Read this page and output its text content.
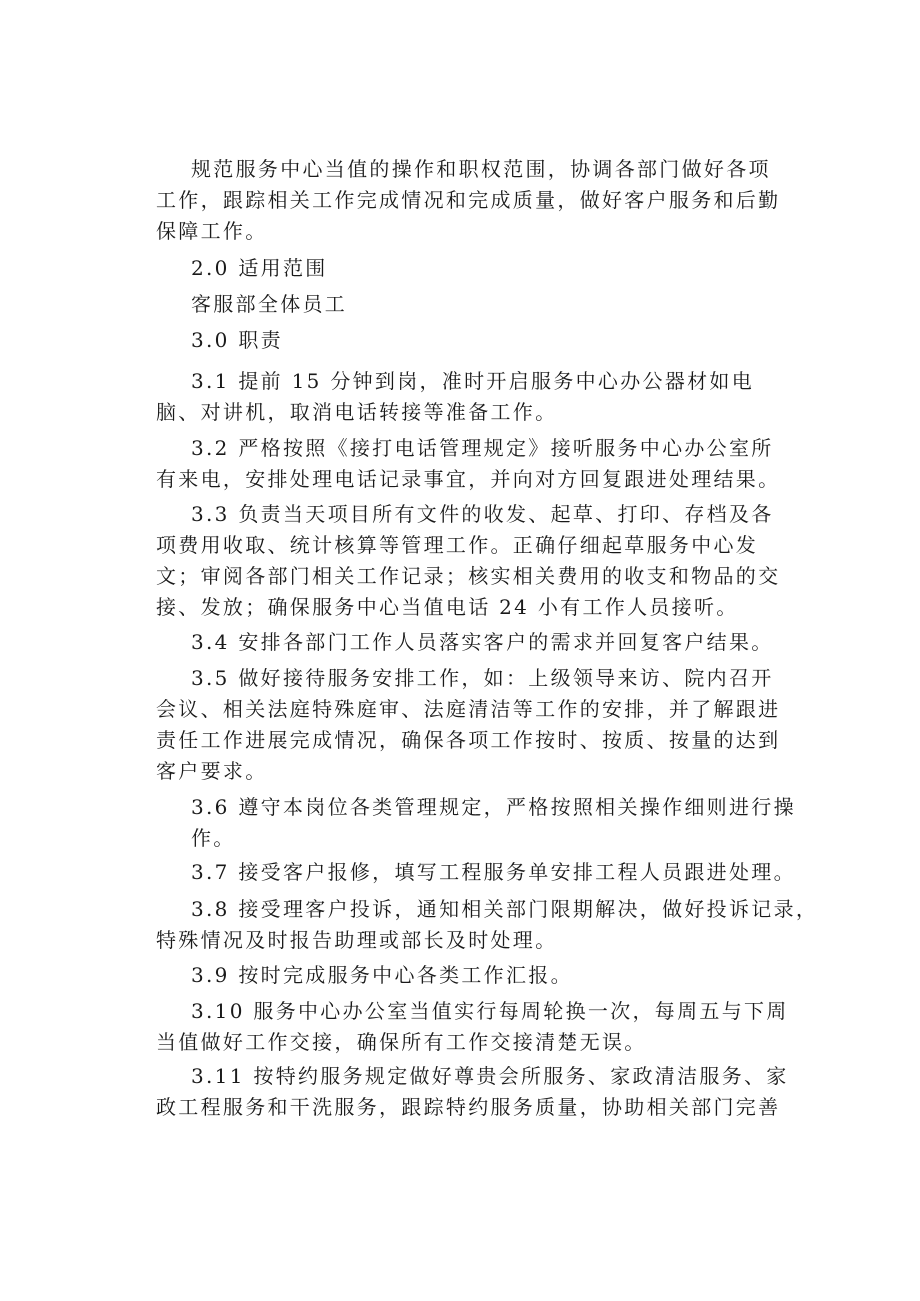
规范服务中心当值的操作和职权范围，协调各部门做好各项
工作，跟踪相关工作完成情况和完成质量，做好客户服务和后勤
保障工作。
2.0 适用范围
客服部全体员工
3.0 职责
3.1 提前 15 分钟到岗，准时开启服务中心办公器材如电
脑、对讲机，取消电话转接等准备工作。
3.2 严格按照《接打电话管理规定》接听服务中心办公室所
有来电，安排处理电话记录事宜，并向对方回复跟进处理结果。
3.3 负责当天项目所有文件的收发、起草、打印、存档及各
项费用收取、统计核算等管理工作。正确仔细起草服务中心发
文；审阅各部门相关工作记录；核实相关费用的收支和物品的交
接、发放；确保服务中心当值电话 24 小有工作人员接听。
3.4 安排各部门工作人员落实客户的需求并回复客户结果。
3.5 做好接待服务安排工作，如：上级领导来访、院内召开
会议、相关法庭特殊庭审、法庭清洁等工作的安排，并了解跟进
责任工作进展完成情况，确保各项工作按时、按质、按量的达到
客户要求。
3.6 遵守本岗位各类管理规定，严格按照相关操作细则进行操
作。
3.7 接受客户报修，填写工程服务单安排工程人员跟进处理。
3.8 接受理客户投诉，通知相关部门限期解决，做好投诉记录，
特殊情况及时报告助理或部长及时处理。
3.9 按时完成服务中心各类工作汇报。
3.10 服务中心办公室当值实行每周轮换一次，每周五与下周
当值做好工作交接，确保所有工作交接清楚无误。
3.11 按特约服务规定做好尊贵会所服务、家政清洁服务、家
政工程服务和干洗服务，跟踪特约服务质量，协助相关部门完善
